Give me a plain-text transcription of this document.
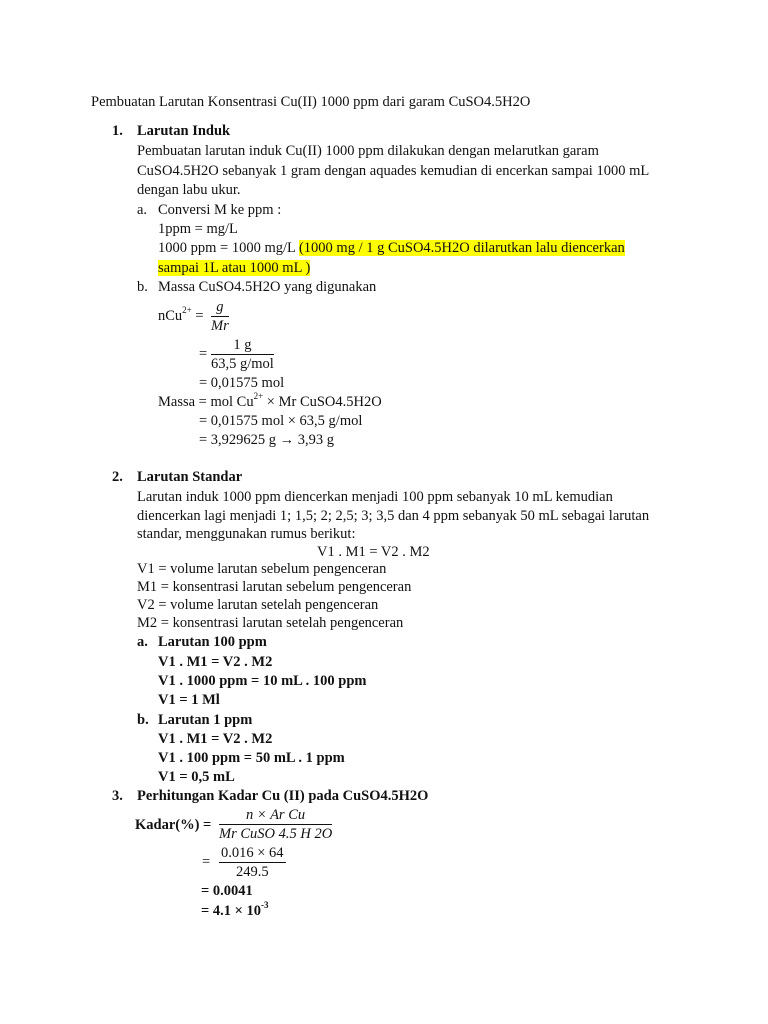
Pembuatan Larutan Konsentrasi Cu(II) 1000 ppm dari garam CuSO4.5H2O
1. Larutan Induk
Pembuatan larutan induk Cu(II) 1000 ppm dilakukan dengan melarutkan garam
CuSO4.5H2O sebanyak 1 gram dengan aquades kemudian di encerkan sampai 1000 mL
dengan labu ukur.
a. Conversi M ke ppm :
1ppm = mg/L
1000 ppm = 1000 mg/L (1000 mg / 1 g CuSO4.5H2O dilarutkan lalu diencerkan
sampai 1L atau 1000 mL )
b. Massa CuSO4.5H2O yang digunakan
$nCu^{2+} = \frac{g}{Mr}$
=
1 g
63,5 g/mol
= 0,01575 mol
Massa = mol $Cu^{2+} \times Mr$ CuSO4.5H2O
= 0,01575 mol × 63,5 g/mol
= 3,929625 g → 3,93 g
2. Larutan Standar
Larutan induk 1000 ppm diencerkan menjadi 100 ppm sebanyak 10 mL kemudian
diencerkan lagi menjadi 1; 1,5; 2; 2,5; 3; 3,5 dan 4 ppm sebanyak 50 mL sebagai larutan
standar, menggunakan rumus berikut:
V1 . M1 = V2 . M2
V1 = volume larutan sebelum pengenceran
M1 = konsentrasi larutan sebelum pengenceran
V2 = volume larutan setelah pengenceran
M2 = konsentrasi larutan setelah pengenceran
a. Larutan 100 ppm
V1 . M1 = V2 . M2
V1 . 1000 ppm = 10 mL . 100 ppm
V1 = 1 Ml
b. Larutan 1 ppm
V1 . M1 = V2 . M2
V1 . 100 ppm = 50 mL . 1 ppm
V1 = 0,5 mL
3. Perhitungan Kadar Cu (II) pada CuSO4.5H2O
Kadar(%) =
n × Ar Cu
Mr CuSO 4.5 H 2O
= $\frac{0.016 \times 64}{249.5}$
= 0.0041
= $4.1 \times 10^{-3}$
